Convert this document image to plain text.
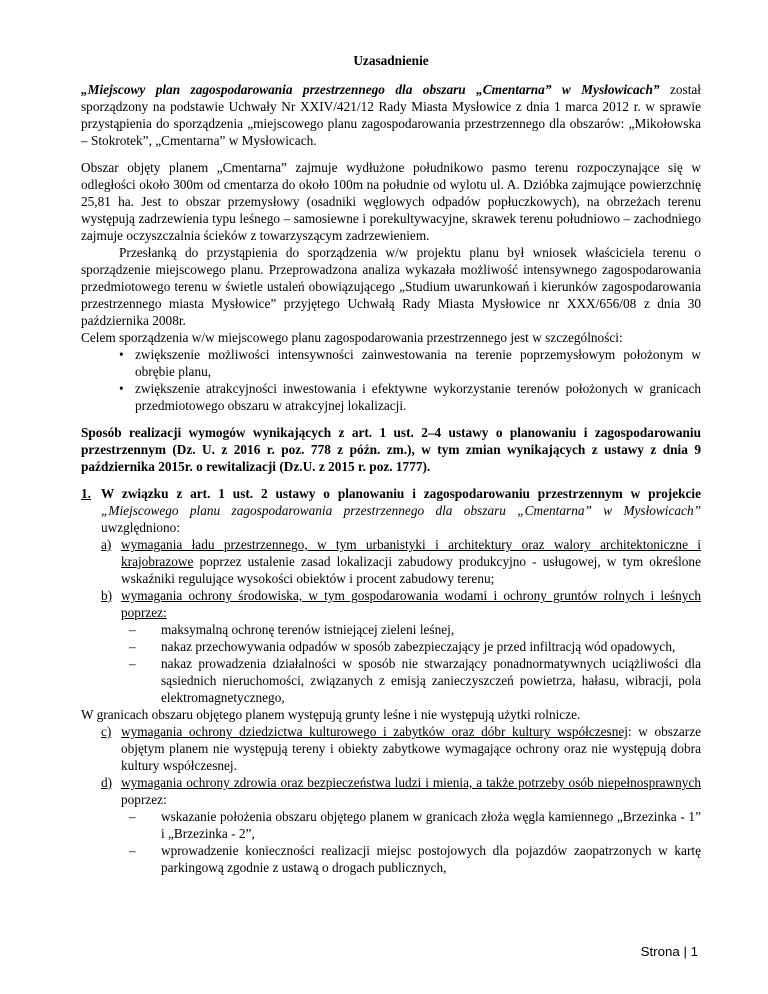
Uzasadnienie

„Miejscowy plan zagospodarowania przestrzennego dla obszaru „Cmentarna” w Mysłowicach” został sporządzony na podstawie Uchwały Nr XXIV/421/12 Rady Miasta Mysłowice z dnia 1 marca 2012 r. w sprawie przystąpienia do sporządzenia „miejscowego planu zagospodarowania przestrzennego dla obszarów: „Mikołowska – Stokrotek”, „Cmentarna” w Mysłowicach.

Obszar objęty planem „Cmentarna” zajmuje wydłużone południkowo pasmo terenu rozpoczynające się w odległości około 300m od cmentarza do około 100m na południe od wylotu ul. A. Dzióbka zajmujące powierzchnię 25,81 ha. Jest to obszar przemysłowy (osadniki węglowych odpadów popłuczkowych), na obrzeżach terenu występują zadrzewienia typu leśnego – samosiewne i porekultywacyjne, skrawek terenu południowo – zachodniego zajmuje oczyszczalnia ścieków z towarzyszącym zadrzewieniem.

Przesłanką do przystąpienia do sporządzenia w/w projektu planu był wniosek właściciela terenu o sporządzenie miejscowego planu. Przeprowadzona analiza wykazała możliwość intensywnego zagospodarowania przedmiotowego terenu w świetle ustaleń obowiązującego „Studium uwarunkowań i kierunków zagospodarowania przestrzennego miasta Mysłowice” przyjętego Uchwałą Rady Miasta Mysłowice nr XXX/656/08 z dnia 30 października 2008r.

Celem sporządzenia w/w miejscowego planu zagospodarowania przestrzennego jest w szczególności:

• zwiększenie możliwości intensywności zainwestowania na terenie poprzemysłowym położonym w obrębie planu,
• zwiększenie atrakcyjności inwestowania i efektywne wykorzystanie terenów położonych w granicach przedmiotowego obszaru w atrakcyjnej lokalizacji.

Sposób realizacji wymogów wynikających z art. 1 ust. 2–4 ustawy o planowaniu i zagospodarowaniu przestrzennym (Dz. U. z 2016 r. poz. 778 z późn. zm.), w tym zmian wynikających z ustawy z dnia 9 października 2015r. o rewitalizacji (Dz.U. z 2015 r. poz. 1777).

1. W związku z art. 1 ust. 2 ustawy o planowaniu i zagospodarowaniu przestrzennym w projekcie „Miejscowego planu zagospodarowania przestrzennego dla obszaru „Cmentarna” w Mysłowicach” uwzględniono:

a) wymagania ładu przestrzennego, w tym urbanistyki i architektury oraz walory architektoniczne i krajobrazowe poprzez ustalenie zasad lokalizacji zabudowy produkcyjno - usługowej, w tym określone wskaźniki regulujące wysokości obiektów i procent zabudowy terenu;
b) wymagania ochrony środowiska, w tym gospodarowania wodami i ochrony gruntów rolnych i leśnych poprzez:
– maksymalną ochronę terenów istniejącej zieleni leśnej,
– nakaz przechowywania odpadów w sposób zabezpieczający je przed infiltracją wód opadowych,
– nakaz prowadzenia działalności w sposób nie stwarzający ponadnormatywnych uciążliwości dla sąsiednich nieruchomości, związanych z emisją zanieczyszczeń powietrza, hałasu, wibracji, pola elektromagnetycznego,

W granicach obszaru objętego planem występują grunty leśne i nie występują użytki rolnicze.

c) wymagania ochrony dziedzictwa kulturowego i zabytków oraz dóbr kultury współczesnej: w obszarze objętym planem nie występują tereny i obiekty zabytkowe wymagające ochrony oraz nie występują dobra kultury współczesnej.
d) wymagania ochrony zdrowia oraz bezpieczeństwa ludzi i mienia, a także potrzeby osób niepełnosprawnych poprzez:
– wskazanie położenia obszaru objętego planem w granicach złoża węgla kamiennego „Brzezinka - 1” i „Brzezinka - 2”,
– wprowadzenie konieczności realizacji miejsc postojowych dla pojazdów zaopatrzonych w kartę parkingową zgodnie z ustawą o drogach publicznych,
Strona | 1
